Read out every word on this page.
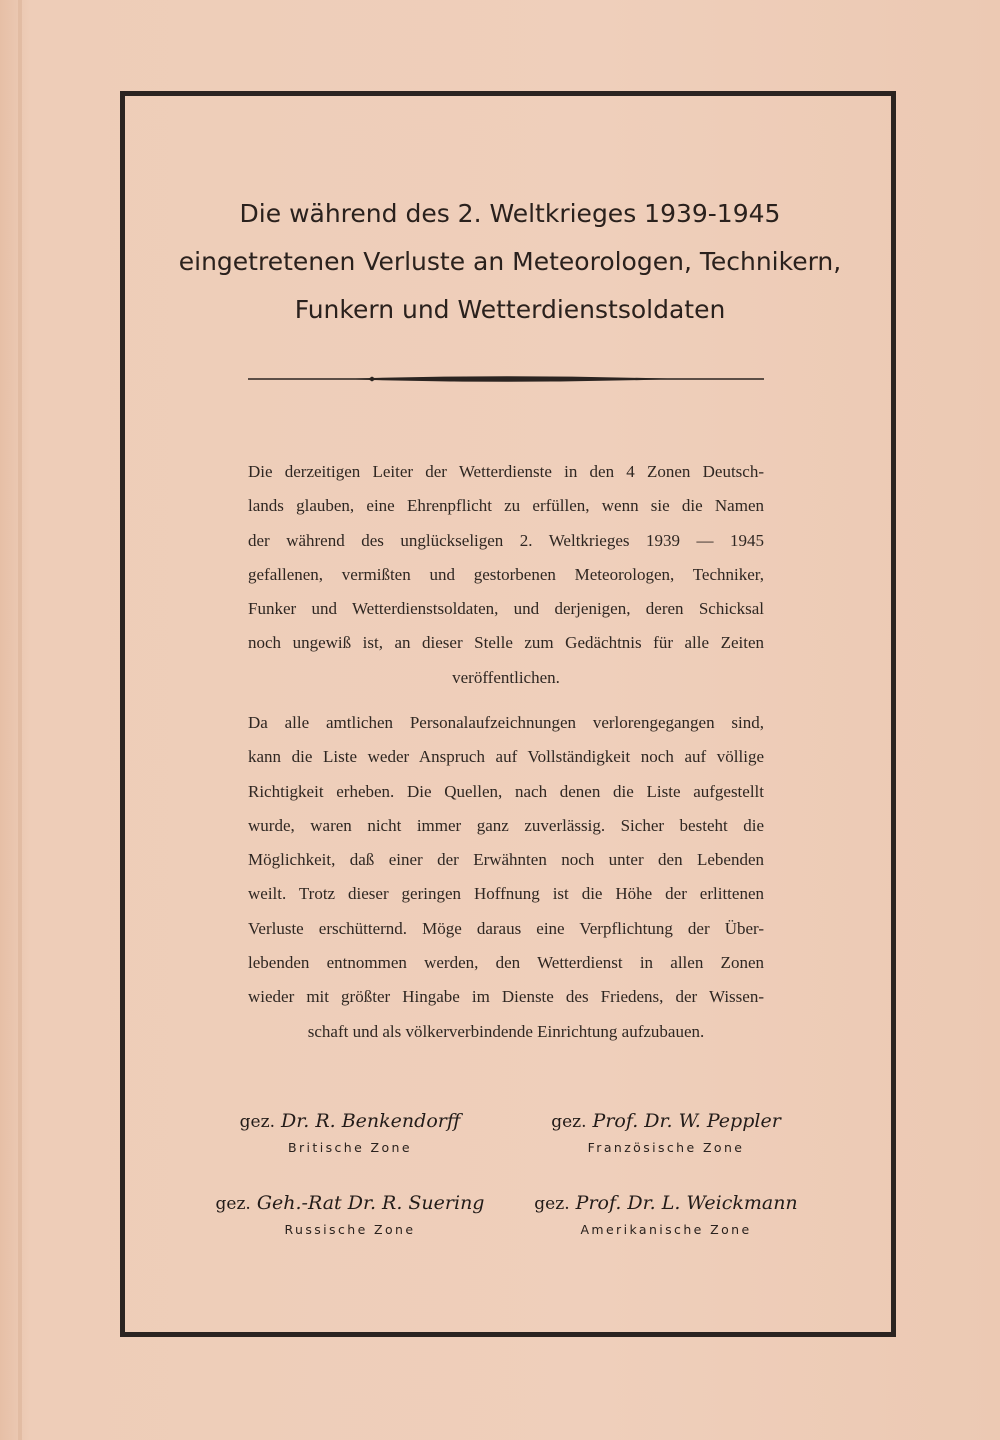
Die während des 2. Weltkrieges 1939-1945
eingetretenen Verluste an Meteorologen, Technikern,
Funkern und Wetterdienstsoldaten
Die derzeitigen Leiter der Wetterdienste in den 4 Zonen Deutsch-
lands glauben, eine Ehrenpflicht zu erfüllen, wenn sie die Namen
der während des unglückseligen 2. Weltkrieges 1939 — 1945
gefallenen, vermißten und gestorbenen Meteorologen, Techniker,
Funker und Wetterdienstsoldaten, und derjenigen, deren Schicksal
noch ungewiß ist, an dieser Stelle zum Gedächtnis für alle Zeiten
veröffentlichen.
Da alle amtlichen Personalaufzeichnungen verlorengegangen sind,
kann die Liste weder Anspruch auf Vollständigkeit noch auf völlige
Richtigkeit erheben. Die Quellen, nach denen die Liste aufgestellt
wurde, waren nicht immer ganz zuverlässig. Sicher besteht die
Möglichkeit, daß einer der Erwähnten noch unter den Lebenden
weilt. Trotz dieser geringen Hoffnung ist die Höhe der erlittenen
Verluste erschütternd. Möge daraus eine Verpflichtung der Über-
lebenden entnommen werden, den Wetterdienst in allen Zonen
wieder mit größter Hingabe im Dienste des Friedens, der Wissen-
schaft und als völkerverbindende Einrichtung aufzubauen.
gez. Dr. R. Benkendorff
Britische Zone
gez. Prof. Dr. W. Peppler
Französische Zone
gez. Geh.-Rat Dr. R. Suering
Russische Zone
gez. Prof. Dr. L. Weickmann
Amerikanische Zone
